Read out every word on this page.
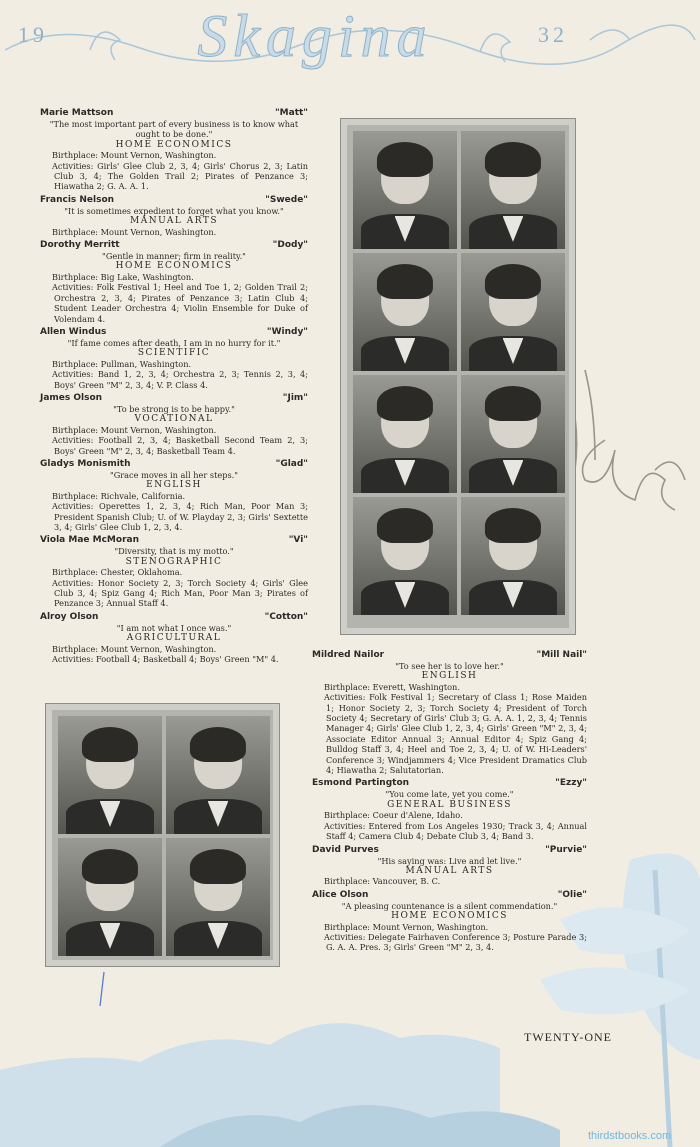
19	Skagina	32
Marie Mattson	"Matt"
"The most important part of every business is to know what ought to be done."
HOME ECONOMICS
Birthplace: Mount Vernon, Washington.
Activities: Girls' Glee Club 2, 3, 4; Girls' Chorus 2, 3; Latin Club 3, 4; The Golden Trail 2; Pirates of Penzance 3; Hiawatha 2; G. A. A. 1.
Francis Nelson	"Swede"
"It is sometimes expedient to forget what you know."
MANUAL ARTS
Birthplace: Mount Vernon, Washington.
Dorothy Merritt	"Dody"
"Gentle in manner; firm in reality."
HOME ECONOMICS
Birthplace: Big Lake, Washington.
Activities: Folk Festival 1; Heel and Toe 1, 2; Golden Trail 2; Orchestra 2, 3, 4; Pirates of Penzance 3; Latin Club 4; Student Leader Orchestra 4; Violin Ensemble for Duke of Volendam 4.
Allen Windus	"Windy"
"If fame comes after death, I am in no hurry for it."
SCIENTIFIC
Birthplace: Pullman, Washington.
Activities: Band 1, 2, 3, 4; Orchestra 2, 3; Tennis 2, 3, 4; Boys' Green "M" 2, 3, 4; V. P. Class 4.
James Olson	"Jim"
"To be strong is to be happy."
VOCATIONAL
Birthplace: Mount Vernon, Washington.
Activities: Football 2, 3, 4; Basketball Second Team 2, 3; Boys' Green "M" 2, 3, 4; Basketball Team 4.
Gladys Monismith	"Glad"
"Grace moves in all her steps."
ENGLISH
Birthplace: Richvale, California.
Activities: Operettes 1, 2, 3, 4; Rich Man, Poor Man 3; President Spanish Club; U. of W. Playday 2, 3; Girls' Sextette 3, 4; Girls' Glee Club 1, 2, 3, 4.
Viola Mae McMoran	"Vi"
"Diversity, that is my motto."
STENOGRAPHIC
Birthplace: Chester, Oklahoma.
Activities: Honor Society 2, 3; Torch Society 4; Girls' Glee Club 3, 4; Spiz Gang 4; Rich Man, Poor Man 3; Pirates of Penzance 3; Annual Staff 4.
Alroy Olson	"Cotton"
"I am not what I once was."
AGRICULTURAL
Birthplace: Mount Vernon, Washington.
Activities: Football 4; Basketball 4; Boys' Green "M" 4.	Mildred Nailor	"Mill Nail"
"To see her is to love her."
ENGLISH
Birthplace: Everett, Washington.
Activities: Folk Festival 1; Secretary of Class 1; Rose Maiden 1; Honor Society 2, 3; Torch Society 4; President of Torch Society 4; Secretary of Girls' Club 3; G. A. A. 1, 2, 3, 4; Tennis Manager 4; Girls' Glee Club 1, 2, 3, 4; Girls' Green "M" 2, 3, 4; Associate Editor Annual 3; Annual Editor 4; Spiz Gang 4; Bulldog Staff 3, 4; Heel and Toe 2, 3, 4; U. of W. Hi-Leaders' Conference 3; Windjammers 4; Vice President Dramatics Club 4; Hiawatha 2; Salutatorian.
Esmond Partington	"Ezzy"
"You come late, yet you come."
GENERAL BUSINESS
Birthplace: Coeur d'Alene, Idaho.
Activities: Entered from Los Angeles 1930; Track 3, 4; Annual Staff 4; Camera Club 4; Debate Club 3, 4; Band 3.
David Purves	"Purvie"
"His saying was: Live and let live."
MANUAL ARTS
Birthplace: Vancouver, B. C.
Alice Olson	"Olie"
"A pleasing countenance is a silent commendation."
HOME ECONOMICS
Birthplace: Mount Vernon, Washington.
Activities: Delegate Fairhaven Conference 3; Posture Parade 3; G. A. A. Pres. 3; Girls' Green "M" 2, 3, 4.
TWENTY-ONE
thirdstbooks.com
